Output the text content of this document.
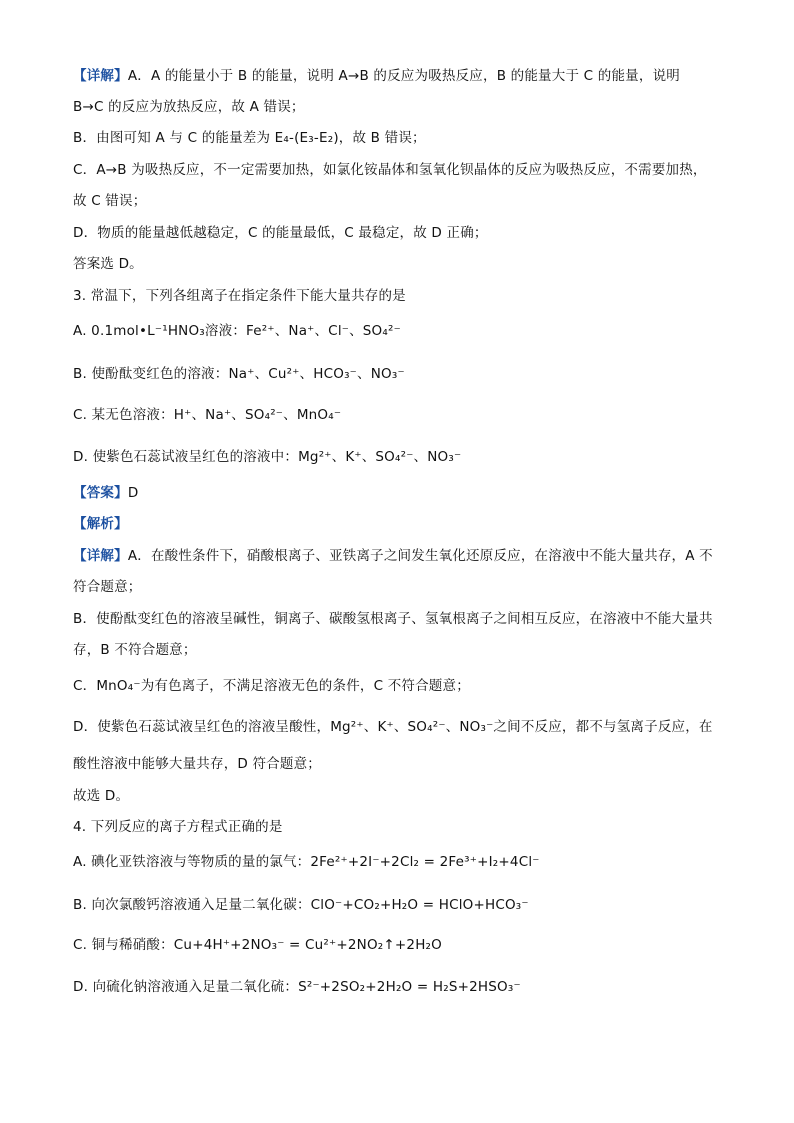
【详解】A．A 的能量小于 B 的能量，说明 A→B 的反应为吸热反应，B 的能量大于 C 的能量，说明
B→C 的反应为放热反应，故 A 错误；
B．由图可知 A 与 C 的能量差为 E₄-(E₃-E₂)，故 B 错误；
C．A→B 为吸热反应，不一定需要加热，如氯化铵晶体和氢氧化钡晶体的反应为吸热反应，不需要加热，
故 C 错误；
D．物质的能量越低越稳定，C 的能量最低，C 最稳定，故 D 正确；
答案选 D。
3. 常温下，下列各组离子在指定条件下能大量共存的是
A. 0.1mol•L⁻¹HNO₃溶液：Fe²⁺、Na⁺、Cl⁻、SO₄²⁻
B. 使酚酞变红色的溶液：Na⁺、Cu²⁺、HCO₃⁻、NO₃⁻
C. 某无色溶液：H⁺、Na⁺、SO₄²⁻、MnO₄⁻
D. 使紫色石蕊试液呈红色的溶液中：Mg²⁺、K⁺、SO₄²⁻、NO₃⁻
【答案】D
【解析】
【详解】A．在酸性条件下，硝酸根离子、亚铁离子之间发生氧化还原反应，在溶液中不能大量共存，A 不
符合题意；
B．使酚酞变红色的溶液呈碱性，铜离子、碳酸氢根离子、氢氧根离子之间相互反应，在溶液中不能大量共
存，B 不符合题意；
C．MnO₄⁻为有色离子，不满足溶液无色的条件，C 不符合题意；
D．使紫色石蕊试液呈红色的溶液呈酸性，Mg²⁺、K⁺、SO₄²⁻、NO₃⁻之间不反应，都不与氢离子反应，在
酸性溶液中能够大量共存，D 符合题意；
故选 D。
4. 下列反应的离子方程式正确的是
A. 碘化亚铁溶液与等物质的量的氯气：2Fe²⁺+2I⁻+2Cl₂ = 2Fe³⁺+I₂+4Cl⁻
B. 向次氯酸钙溶液通入足量二氧化碳：ClO⁻+CO₂+H₂O = HClO+HCO₃⁻
C. 铜与稀硝酸：Cu+4H⁺+2NO₃⁻ = Cu²⁺+2NO₂↑+2H₂O
D. 向硫化钠溶液通入足量二氧化硫：S²⁻+2SO₂+2H₂O = H₂S+2HSO₃⁻
